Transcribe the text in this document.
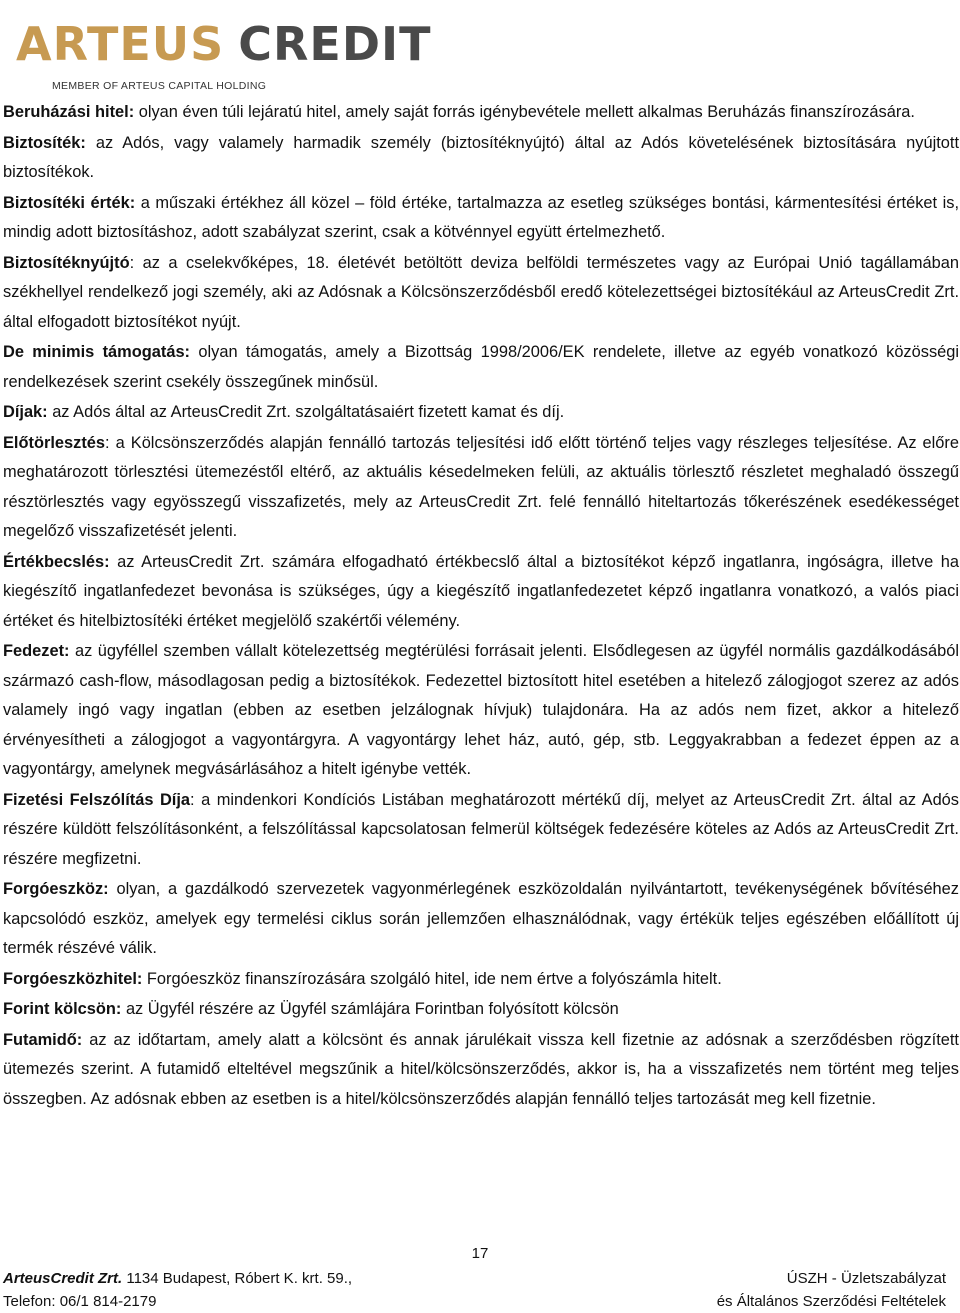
ARTEUS CREDIT
MEMBER OF ARTEUS CAPITAL HOLDING

Beruházási hitel: olyan éven túli lejáratú hitel, amely saját forrás igénybevétele mellett alkalmas Beruházás finanszírozására.

Biztosíték: az Adós, vagy valamely harmadik személy (biztosítéknyújtó) által az Adós követelésének biztosítására nyújtott biztosítékok.

Biztosítéki érték: a műszaki értékhez áll közel – föld értéke, tartalmazza az esetleg szükséges bontási, kármentesítési értéket is, mindig adott biztosításhoz, adott szabályzat szerint, csak a kötvénnyel együtt értelmezhető.

Biztosítéknyújtó: az a cselekvőképes, 18. életévét betöltött deviza belföldi természetes vagy az Európai Unió tagállamában székhellyel rendelkező jogi személy, aki az Adósnak a Kölcsönszerződésből eredő kötelezettségei biztosítékául az ArteusCredit Zrt. által elfogadott biztosítékot nyújt.

De minimis támogatás: olyan támogatás, amely a Bizottság 1998/2006/EK rendelete, illetve az egyéb vonatkozó közösségi rendelkezések szerint csekély összegűnek minősül.

Díjak: az Adós által az ArteusCredit Zrt. szolgáltatásaiért fizetett kamat és díj.

Előtörlesztés: a Kölcsönszerződés alapján fennálló tartozás teljesítési idő előtt történő teljes vagy részleges teljesítése. Az előre meghatározott törlesztési ütemezéstől eltérő, az aktuális késedelmeken felüli, az aktuális törlesztő részletet meghaladó összegű résztörlesztés vagy egyösszegű visszafizetés, mely az ArteusCredit Zrt. felé fennálló hiteltartozás tőkerészének esedékességet megelőző visszafizetését jelenti.

Értékbecslés: az ArteusCredit Zrt. számára elfogadható értékbecslő által a biztosítékot képző ingatlanra, ingóságra, illetve ha kiegészítő ingatlanfedezet bevonása is szükséges, úgy a kiegészítő ingatlanfedezetet képző ingatlanra vonatkozó, a valós piaci értéket és hitelbiztosítéki értéket megjelölő szakértői vélemény.

Fedezet: az ügyféllel szemben vállalt kötelezettség megtérülési forrásait jelenti. Elsődlegesen az ügyfél normális gazdálkodásából származó cash-flow, másodlagosan pedig a biztosítékok. Fedezettel biztosított hitel esetében a hitelező zálogjogot szerez az adós valamely ingó vagy ingatlan (ebben az esetben jelzálognak hívjuk) tulajdonára. Ha az adós nem fizet, akkor a hitelező érvényesítheti a zálogjogot a vagyontárgyra. A vagyontárgy lehet ház, autó, gép, stb. Leggyakrabban a fedezet éppen az a vagyontárgy, amelynek megvásárlásához a hitelt igénybe vették.

Fizetési Felszólítás Díja: a mindenkori Kondíciós Listában meghatározott mértékű díj, melyet az ArteusCredit Zrt. által az Adós részére küldött felszólításonként, a felszólítással kapcsolatosan felmerül költségek fedezésére köteles az Adós az ArteusCredit Zrt. részére megfizetni.

Forgóeszköz: olyan, a gazdálkodó szervezetek vagyonmérlegének eszközoldalán nyilvántartott, tevékenységének bővítéséhez kapcsolódó eszköz, amelyek egy termelési ciklus során jellemzően elhasználódnak, vagy értékük teljes egészében előállított új termék részévé válik.

Forgóeszközhitel: Forgóeszköz finanszírozására szolgáló hitel, ide nem értve a folyószámla hitelt.

Forint kölcsön: az Ügyfél részére az Ügyfél számlájára Forintban folyósított kölcsön

Futamidő: az az időtartam, amely alatt a kölcsönt és annak járulékait vissza kell fizetnie az adósnak a szerződésben rögzített ütemezés szerint. A futamidő elteltével megszűnik a hitel/kölcsönszerződés, akkor is, ha a visszafizetés nem történt meg teljes összegben. Az adósnak ebben az esetben is a hitel/kölcsönszerződés alapján fennálló teljes tartozását meg kell fizetnie.

17
ArteusCredit Zrt. 1134 Budapest, Róbert K. krt. 59.,
Telefon: 06/1 814-2179
ÚSZH - Üzletszabályzat
és Általános Szerződési Feltételek
